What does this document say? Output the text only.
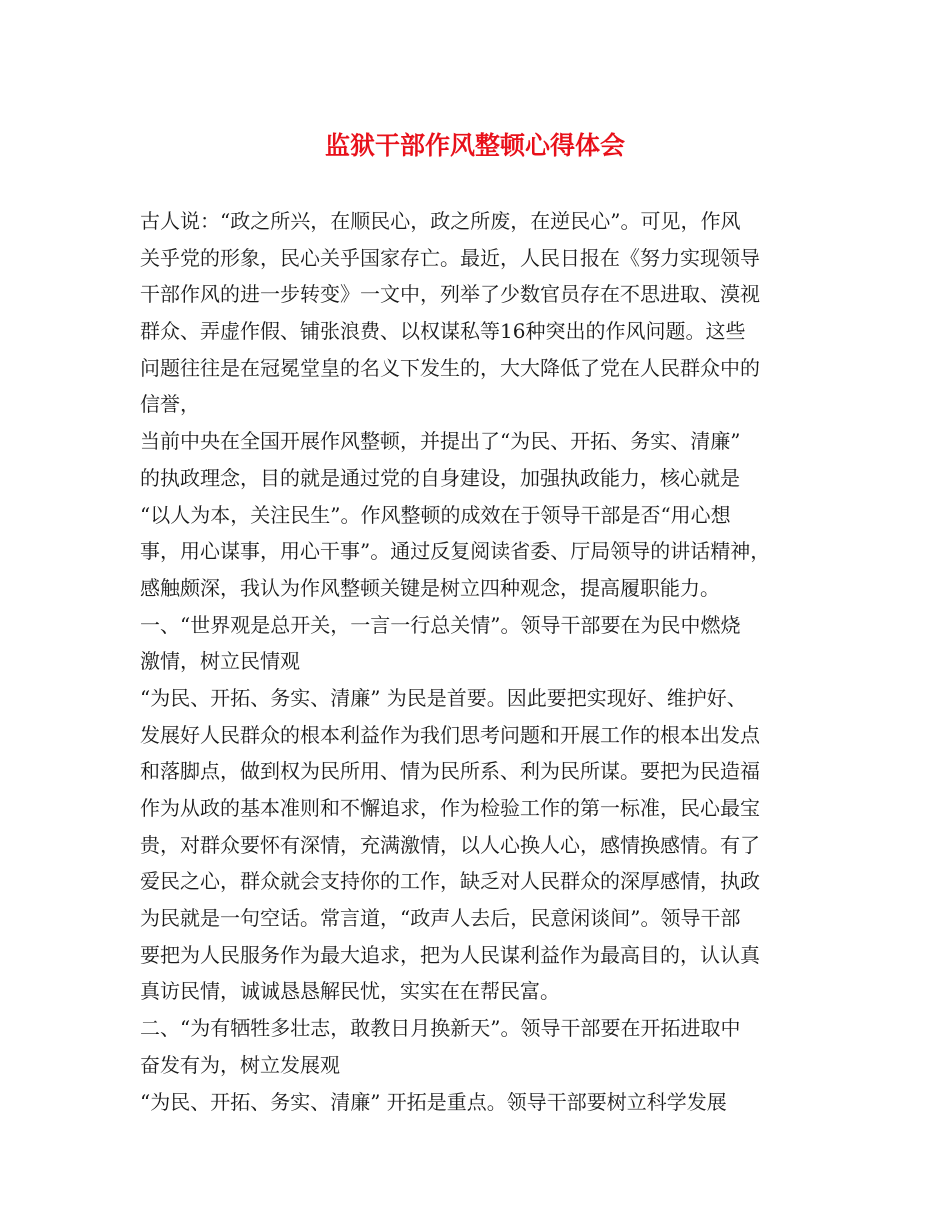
监狱干部作风整顿心得体会
古人说：“政之所兴，在顺民心，政之所废，在逆民心”。可见，作风
关乎党的形象，民心关乎国家存亡。最近，人民日报在《努力实现领导
干部作风的进一步转变》一文中，列举了少数官员存在不思进取、漠视
群众、弄虚作假、铺张浪费、以权谋私等16种突出的作风问题。这些
问题往往是在冠冕堂皇的名义下发生的，大大降低了党在人民群众中的
信誉，
当前中央在全国开展作风整顿，并提出了“为民、开拓、务实、清廉”
的执政理念，目的就是通过党的自身建设，加强执政能力，核心就是
“以人为本，关注民生”。作风整顿的成效在于领导干部是否“用心想
事，用心谋事，用心干事”。通过反复阅读省委、厅局领导的讲话精神，
感触颇深，我认为作风整顿关键是树立四种观念，提高履职能力。
一、“世界观是总开关，一言一行总关情”。领导干部要在为民中燃烧
激情，树立民情观
“为民、开拓、务实、清廉” 为民是首要。因此要把实现好、维护好、
发展好人民群众的根本利益作为我们思考问题和开展工作的根本出发点
和落脚点，做到权为民所用、情为民所系、利为民所谋。要把为民造福
作为从政的基本准则和不懈追求，作为检验工作的第一标准，民心最宝
贵，对群众要怀有深情，充满激情，以人心换人心，感情换感情。有了
爱民之心，群众就会支持你的工作，缺乏对人民群众的深厚感情，执政
为民就是一句空话。常言道，“政声人去后，民意闲谈间”。领导干部
要把为人民服务作为最大追求，把为人民谋利益作为最高目的，认认真
真访民情，诚诚恳恳解民忧，实实在在帮民富。
二、“为有牺牲多壮志，敢教日月换新天”。领导干部要在开拓进取中
奋发有为，树立发展观
“为民、开拓、务实、清廉” 开拓是重点。领导干部要树立科学发展
